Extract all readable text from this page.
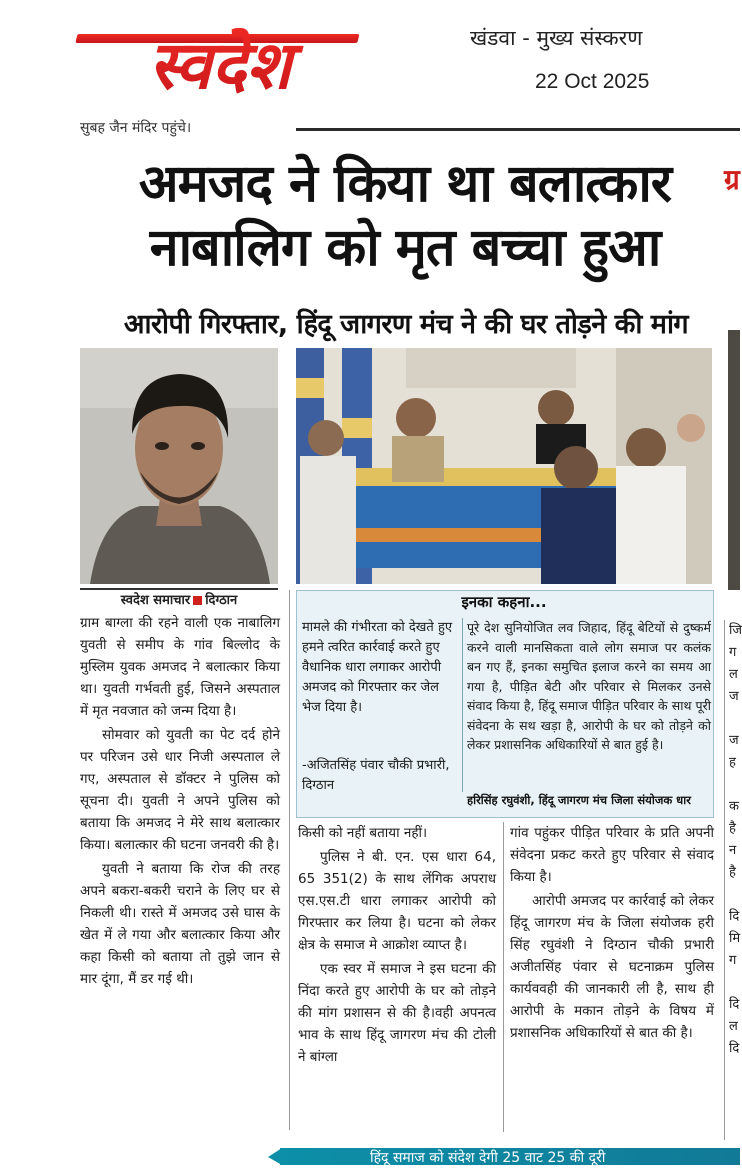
स्वदेश	खंडवा - मुख्य संस्करण
22 Oct 2025
सुबह जैन मंदिर पहुंचे।
ग्र
अमजद ने किया था बलात्कार
नाबालिग को मृत बच्चा हुआ
आरोपी गिरफ्तार, हिंदू जागरण मंच ने की घर तोड़ने की मांग
स्वदेश समाचार दिग्ठान

ग्राम बाग्ला की रहने वाली एक नाबालिग युवती से समीप के गांव बिल्लोद के मुस्लिम युवक अमजद ने बलात्कार किया था। युवती गर्भवती हुई, जिसने अस्पताल में मृत नवजात को जन्म दिया है।

सोमवार को युवती का पेट दर्द होने पर परिजन उसे धार निजी अस्पताल ले गए, अस्पताल से डॉक्टर ने पुलिस को सूचना दी। युवती ने अपने पुलिस को बताया कि अमजद ने मेरे साथ बलात्कार किया। बलात्कार की घटना जनवरी की है।

युवती ने बताया कि रोज की तरह अपने बकरा-बकरी चराने के लिए घर से निकली थी। रास्ते में अमजद उसे घास के खेत में ले गया और बलात्कार किया और कहा किसी को बताया तो तुझे जान से मार दूंगा, मैं डर गई थी।

इनका कहना...
मामले की गंभीरता को देखते हुए हमने त्वरित कार्रवाई करते हुए वैधानिक धारा लगाकर आरोपी अमजद को गिरफ्तार कर जेल भेज दिया है।
-अजितसिंह पंवार चौकी प्रभारी, दिग्ठान
पूरे देश सुनियोजित लव जिहाद, हिंदू बेटियों से दुष्कर्म करने वाली मानसिकता वाले लोग समाज पर कलंक बन गए हैं, इनका समुचित इलाज करने का समय आ गया है, पीड़ित बेटी और परिवार से मिलकर उनसे संवाद किया है, हिंदू समाज पीड़ित परिवार के साथ पूरी संवेदना के सथ खड़ा है, आरोपी के घर को तोड़ने को लेकर प्रशासनिक अधिकारियों से बात हुई है।
हरिसिंह रघुवंशी, हिंदू जागरण मंच जिला संयोजक धार

किसी को नहीं बताया नहीं।

पुलिस ने बी. एन. एस धारा 64, 65 351(2) के साथ लेंगिक अपराध एस.एस.टी धारा लगाकर आरोपी को गिरफ्तार कर लिया है। घटना को लेकर क्षेत्र के समाज मे आक्रोश व्याप्त है।

एक स्वर में समाज ने इस घटना की निंदा करते हुए आरोपी के घर को तोड़ने की मांग प्रशासन से की है।वही अपनत्व भाव के साथ हिंदू जागरण मंच की टोली ने बांग्ला

गांव पहुंकर पीड़ित परिवार के प्रति अपनी संवेदना प्रकट करते हुए परिवार से संवाद किया है।

आरोपी अमजद पर कार्रवाई को लेकर हिंदू जागरण मंच के जिला संयोजक हरी सिंह रघुवंशी ने दिग्ठान चौकी प्रभारी अजीतसिंह पंवार से घटनाक्रम पुलिस कार्यववही की जानकारी ली है, साथ ही आरोपी के मकान तोड़ने के विषय में प्रशासनिक अधिकारियों से बात की है।

जि
ग
ल
ज

ज
ह

क
है
न
है

दि
मि
ग

दि
ल
दि
हिंदू समाज को संदेश देगी 25 वाट 25 की दूरी
